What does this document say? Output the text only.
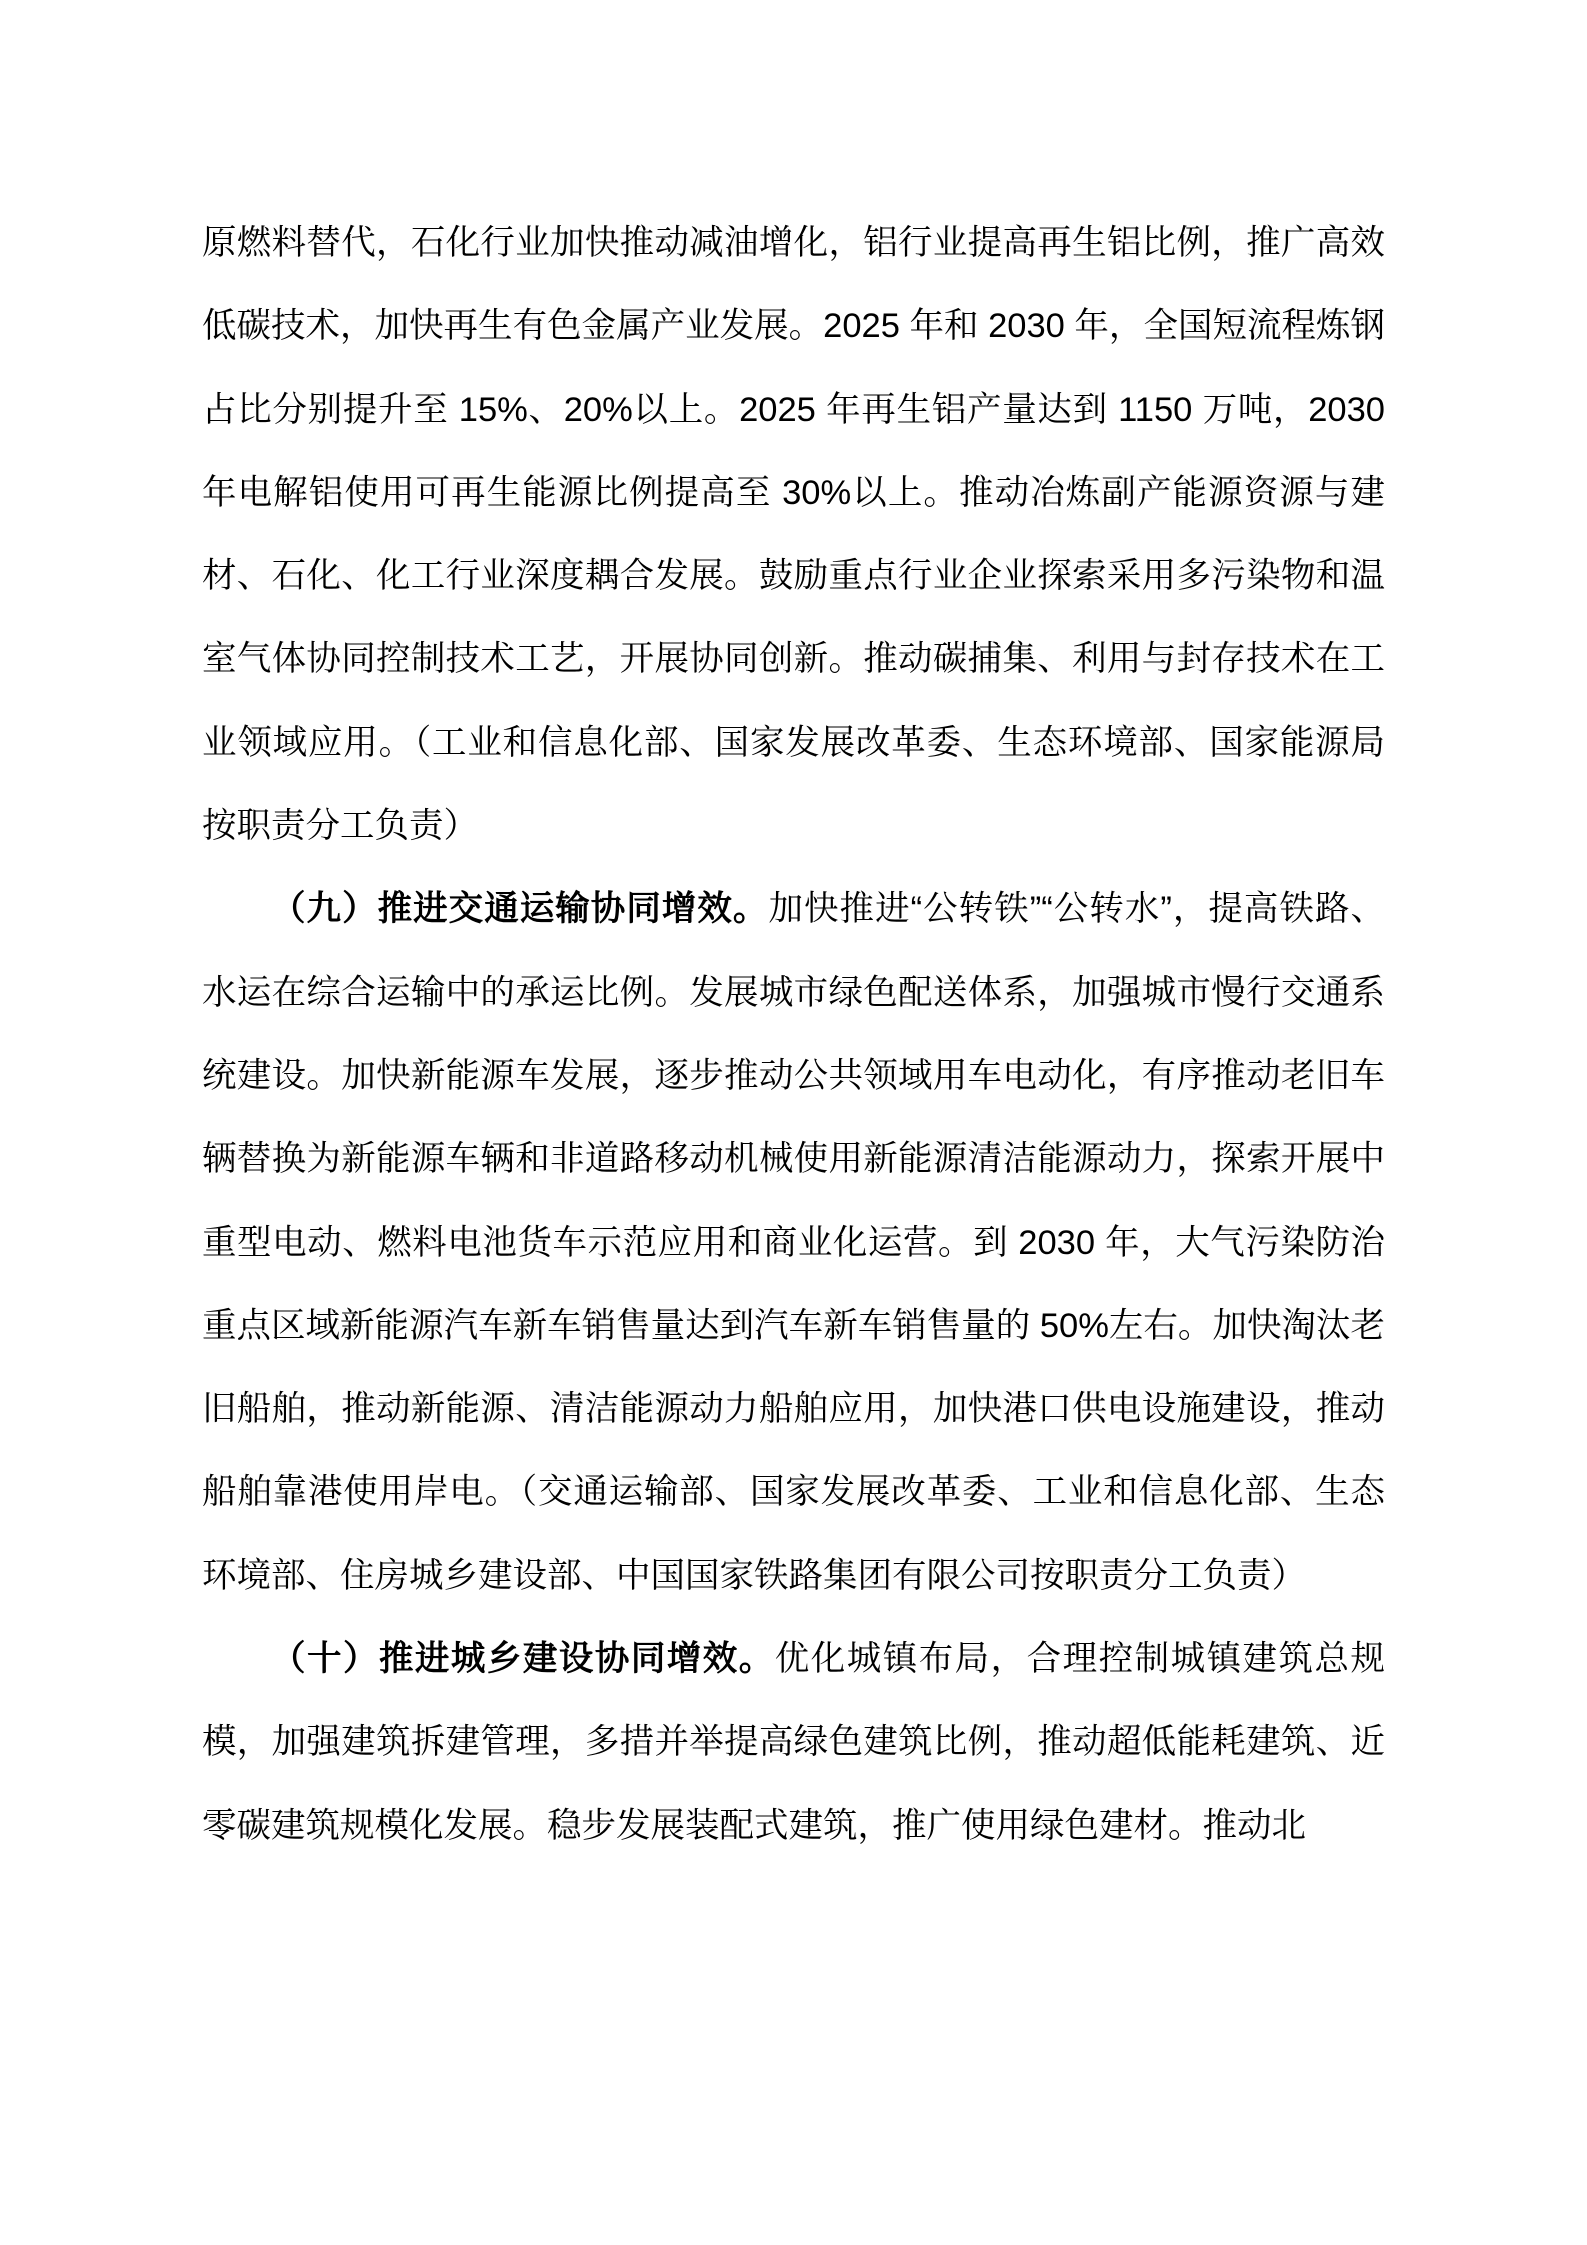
原燃料替代，石化行业加快推动减油增化，铝行业提高再生铝比例，推广高效低碳技术，加快再生有色金属产业发展。2025 年和 2030 年，全国短流程炼钢占比分别提升至 15%、20%以上。2025 年再生铝产量达到 1150 万吨，2030 年电解铝使用可再生能源比例提高至 30%以上。推动冶炼副产能源资源与建材、石化、化工行业深度耦合发展。鼓励重点行业企业探索采用多污染物和温室气体协同控制技术工艺，开展协同创新。推动碳捕集、利用与封存技术在工业领域应用。（工业和信息化部、国家发展改革委、生态环境部、国家能源局按职责分工负责）

（九）推进交通运输协同增效。加快推进“公转铁”“公转水”，提高铁路、水运在综合运输中的承运比例。发展城市绿色配送体系，加强城市慢行交通系统建设。加快新能源车发展，逐步推动公共领域用车电动化，有序推动老旧车辆替换为新能源车辆和非道路移动机械使用新能源清洁能源动力，探索开展中重型电动、燃料电池货车示范应用和商业化运营。到 2030 年，大气污染防治重点区域新能源汽车新车销售量达到汽车新车销售量的 50%左右。加快淘汰老旧船舶，推动新能源、清洁能源动力船舶应用，加快港口供电设施建设，推动船舶靠港使用岸电。（交通运输部、国家发展改革委、工业和信息化部、生态环境部、住房城乡建设部、中国国家铁路集团有限公司按职责分工负责）

（十）推进城乡建设协同增效。优化城镇布局，合理控制城镇建筑总规模，加强建筑拆建管理，多措并举提高绿色建筑比例，推动超低能耗建筑、近零碳建筑规模化发展。稳步发展装配式建筑，推广使用绿色建材。推动北
